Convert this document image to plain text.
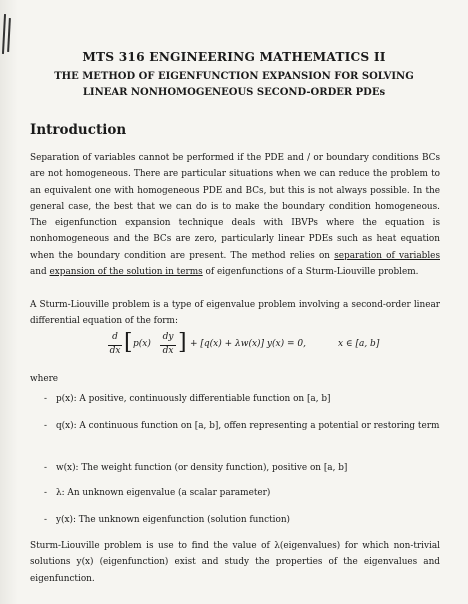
MTS 316 ENGINEERING MATHEMATICS II
THE METHOD OF EIGENFUNCTION EXPANSION FOR SOLVING
LINEAR NONHOMOGENEOUS SECOND-ORDER PDEs
Introduction
Separation of variables cannot be performed if the PDE and / or boundary conditions BCs are not homogeneous. There are particular situations when we can reduce the problem to an equivalent one with homogeneous PDE and BCs, but this is not always possible. In the general case, the best that we can do is to make the boundary condition homogeneous. The eigenfunction expansion technique deals with IBVPs where the equation is nonhomogeneous and the BCs are zero, particularly linear PDEs such as heat equation when the boundary condition are present. The method relies on separation of variables and expansion of the solution in terms of eigenfunctions of a Sturm-Liouville problem.
A Sturm-Liouville problem is a type of eigenvalue problem involving a second-order linear differential equation of the form:
d
dx [ p(x)
dy
dx ] + [q(x) + λw(x)] y(x) = 0,	x ∈ [a, b]
where
- p(x): A positive, continuously differentiable function on [a, b]
- q(x): A continuous function on [a, b], offen representing a potential or restoring term
- w(x): The weight function (or density function), positive on [a, b]
- λ: An unknown eigenvalue (a scalar parameter)
- y(x): The unknown eigenfunction (solution function)
Sturm-Liouville problem is use to find the value of λ(eigenvalues) for which non-trivial solutions y(x) (eigenfunction) exist and study the properties of the eigenvalues and eigenfunction.
